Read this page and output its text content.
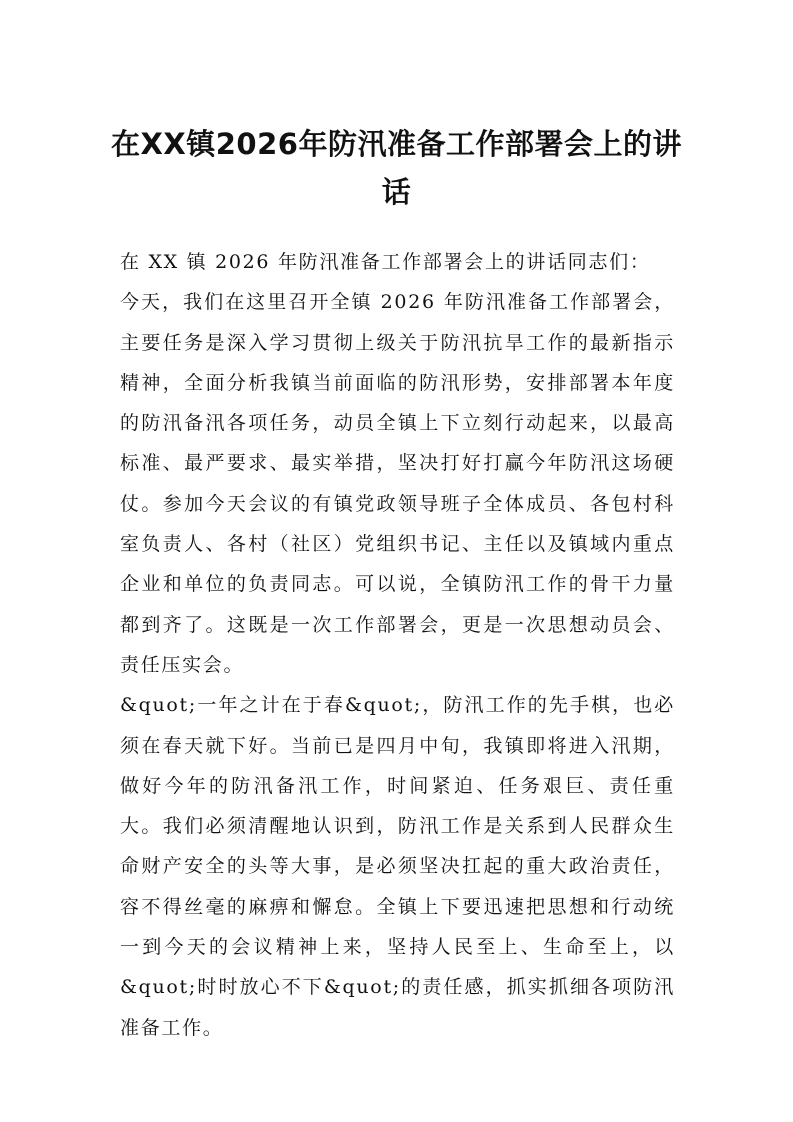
在XX镇2026年防汛准备工作部署会上的讲话

在 XX 镇 2026 年防汛准备工作部署会上的讲话同志们：

今天，我们在这里召开全镇 2026 年防汛准备工作部署会，主要任务是深入学习贯彻上级关于防汛抗旱工作的最新指示精神，全面分析我镇当前面临的防汛形势，安排部署本年度的防汛备汛各项任务，动员全镇上下立刻行动起来，以最高标准、最严要求、最实举措，坚决打好打赢今年防汛这场硬仗。参加今天会议的有镇党政领导班子全体成员、各包村科室负责人、各村（社区）党组织书记、主任以及镇域内重点企业和单位的负责同志。可以说，全镇防汛工作的骨干力量都到齐了。这既是一次工作部署会，更是一次思想动员会、责任压实会。

&quot;一年之计在于春&quot;，防汛工作的先手棋，也必须在春天就下好。当前已是四月中旬，我镇即将进入汛期，做好今年的防汛备汛工作，时间紧迫、任务艰巨、责任重大。我们必须清醒地认识到，防汛工作是关系到人民群众生命财产安全的头等大事，是必须坚决扛起的重大政治责任，容不得丝毫的麻痹和懈怠。全镇上下要迅速把思想和行动统一到今天的会议精神上来，坚持人民至上、生命至上，以&quot;时时放心不下&quot;的责任感，抓实抓细各项防汛准备工作。
